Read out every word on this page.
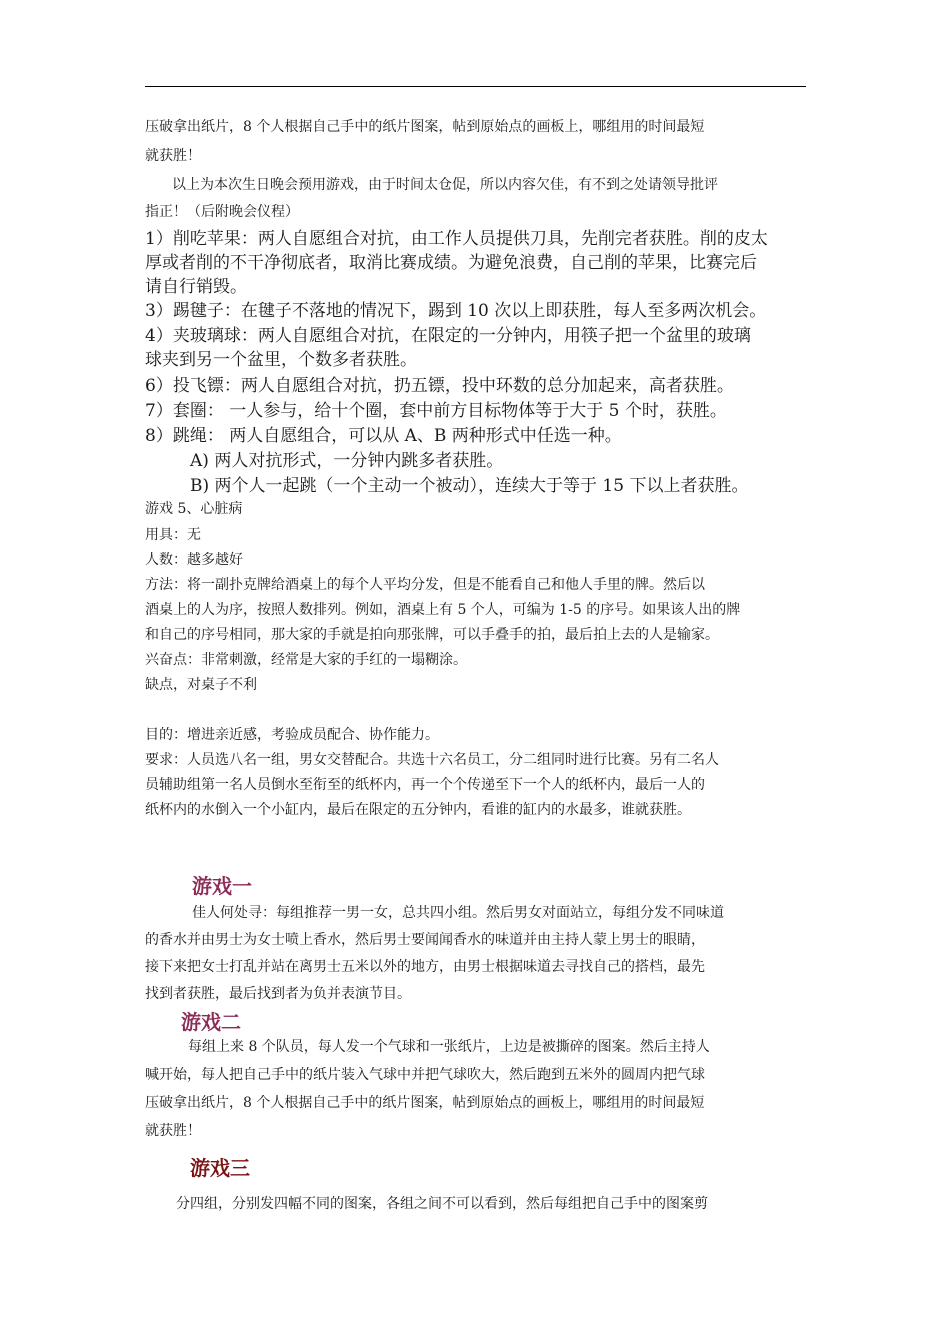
压破拿出纸片，8 个人根据自己手中的纸片图案，帖到原始点的画板上，哪组用的时间最短
就获胜！
以上为本次生日晚会预用游戏，由于时间太仓促，所以内容欠佳，有不到之处请领导批评
指正！（后附晚会仪程）
1）削吃苹果：两人自愿组合对抗，由工作人员提供刀具，先削完者获胜。削的皮太
厚或者削的不干净彻底者，取消比赛成绩。为避免浪费，自己削的苹果，比赛完后
请自行销毁。
3）踢毽子：在毽子不落地的情况下，踢到 10 次以上即获胜，每人至多两次机会。
4）夹玻璃球：两人自愿组合对抗，在限定的一分钟内，用筷子把一个盆里的玻璃
球夹到另一个盆里，个数多者获胜。
6）投飞镖：两人自愿组合对抗，扔五镖，投中环数的总分加起来，高者获胜。
7）套圈： 一人参与，给十个圈，套中前方目标物体等于大于 5 个时，获胜。
8）跳绳： 两人自愿组合，可以从 A、B 两种形式中任选一种。
A) 两人对抗形式，一分钟内跳多者获胜。
B) 两个人一起跳（一个主动一个被动），连续大于等于 15 下以上者获胜。
游戏 5、心脏病
用具：无
人数：越多越好
方法：将一副扑克牌给酒桌上的每个人平均分发，但是不能看自己和他人手里的牌。然后以
酒桌上的人为序，按照人数排列。例如，酒桌上有 5 个人，可编为 1-5 的序号。如果该人出的牌
和自己的序号相同，那大家的手就是拍向那张牌，可以手叠手的拍，最后拍上去的人是输家。
兴奋点：非常刺激，经常是大家的手红的一塌糊涂。
缺点，对桌子不利
目的：增进亲近感，考验成员配合、协作能力。
要求：人员选八名一组，男女交替配合。共选十六名员工，分二组同时进行比赛。另有二名人
员辅助组第一名人员倒水至衔至的纸杯内，再一个个传递至下一个人的纸杯内，最后一人的
纸杯内的水倒入一个小缸内，最后在限定的五分钟内，看谁的缸内的水最多，谁就获胜。
游戏一
佳人何处寻：每组推荐一男一女，总共四小组。然后男女对面站立，每组分发不同味道
的香水并由男士为女士喷上香水，然后男士要闻闻香水的味道并由主持人蒙上男士的眼睛，
接下来把女士打乱并站在离男士五米以外的地方，由男士根据味道去寻找自己的搭档，最先
找到者获胜，最后找到者为负并表演节目。
游戏二
每组上来 8 个队员，每人发一个气球和一张纸片，上边是被撕碎的图案。然后主持人
喊开始，每人把自己手中的纸片装入气球中并把气球吹大，然后跑到五米外的圆周内把气球
压破拿出纸片，8 个人根据自己手中的纸片图案，帖到原始点的画板上，哪组用的时间最短
就获胜！
游戏三
分四组，分别发四幅不同的图案，各组之间不可以看到，然后每组把自己手中的图案剪
